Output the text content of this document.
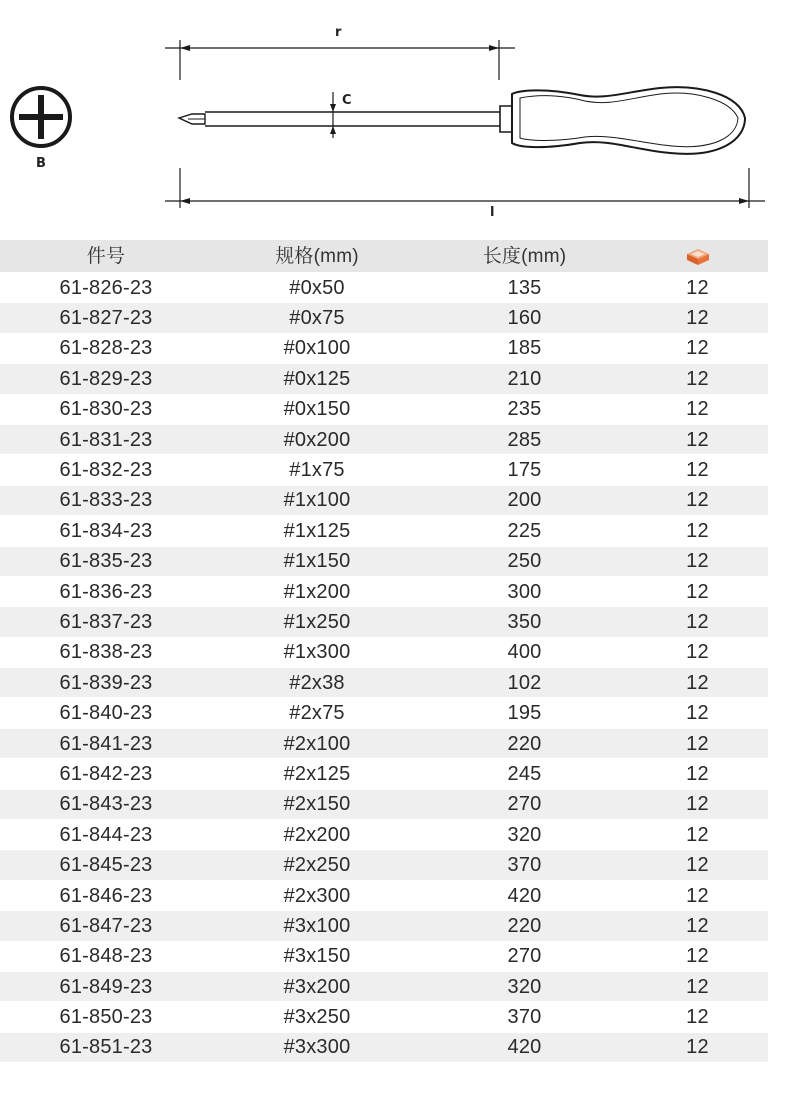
r
C
l
B
件号	规格(mm)	长度(mm)
61-826-23	#0x50	135	12
61-827-23	#0x75	160	12
61-828-23	#0x100	185	12
61-829-23	#0x125	210	12
61-830-23	#0x150	235	12
61-831-23	#0x200	285	12
61-832-23	#1x75	175	12
61-833-23	#1x100	200	12
61-834-23	#1x125	225	12
61-835-23	#1x150	250	12
61-836-23	#1x200	300	12
61-837-23	#1x250	350	12
61-838-23	#1x300	400	12
61-839-23	#2x38	102	12
61-840-23	#2x75	195	12
61-841-23	#2x100	220	12
61-842-23	#2x125	245	12
61-843-23	#2x150	270	12
61-844-23	#2x200	320	12
61-845-23	#2x250	370	12
61-846-23	#2x300	420	12
61-847-23	#3x100	220	12
61-848-23	#3x150	270	12
61-849-23	#3x200	320	12
61-850-23	#3x250	370	12
61-851-23	#3x300	420	12
